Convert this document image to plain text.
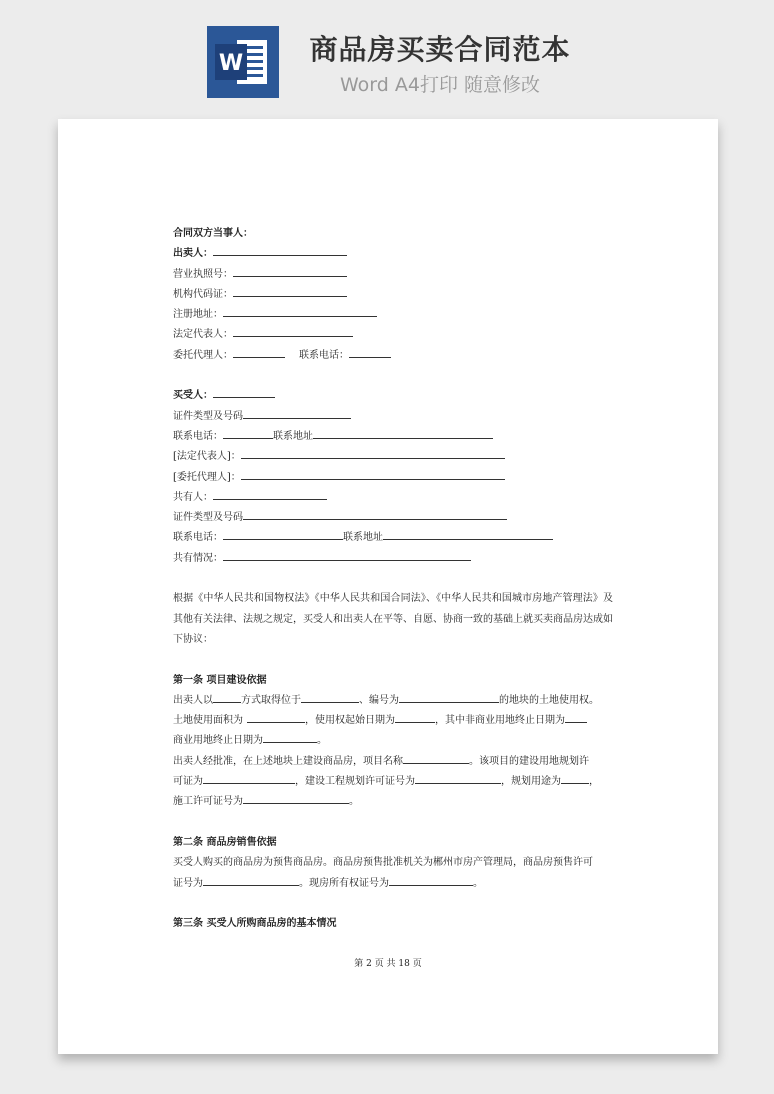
W	商品房买卖合同范本
Word A4打印 随意修改
合同双方当事人：
出卖人：
营业执照号：
机构代码证：
注册地址：
法定代表人：
委托代理人：	联系电话：
买受人：
证件类型及号码
联系电话：	联系地址
[法定代表人]：
[委托代理人]：
共有人：
证件类型及号码
联系电话：	联系地址
共有情况：
根据《中华人民共和国物权法》《中华人民共和国合同法》、《中华人民共和国城市房地产管理法》及其他有关法律、法规之规定，买受人和出卖人在平等、自愿、协商一致的基础上就买卖商品房达成如下协议：
第一条 项目建设依据
出卖人以	方式取得位于	、编号为	的地块的土地使用权。
土地使用面积为	，使用权起始日期为	，其中非商业用地终止日期为
商业用地终止日期为	。
出卖人经批准，在上述地块上建设商品房，项目名称	。该项目的建设用地规划许
可证为	，建设工程规划许可证号为	，规划用途为	，
施工许可证号为	。
第二条 商品房销售依据
买受人购买的商品房为预售商品房。商品房预售批准机关为郴州市房产管理局，商品房预售许可
证号为	。现房所有权证号为	。
第三条 买受人所购商品房的基本情况
第 2 页 共 18 页
